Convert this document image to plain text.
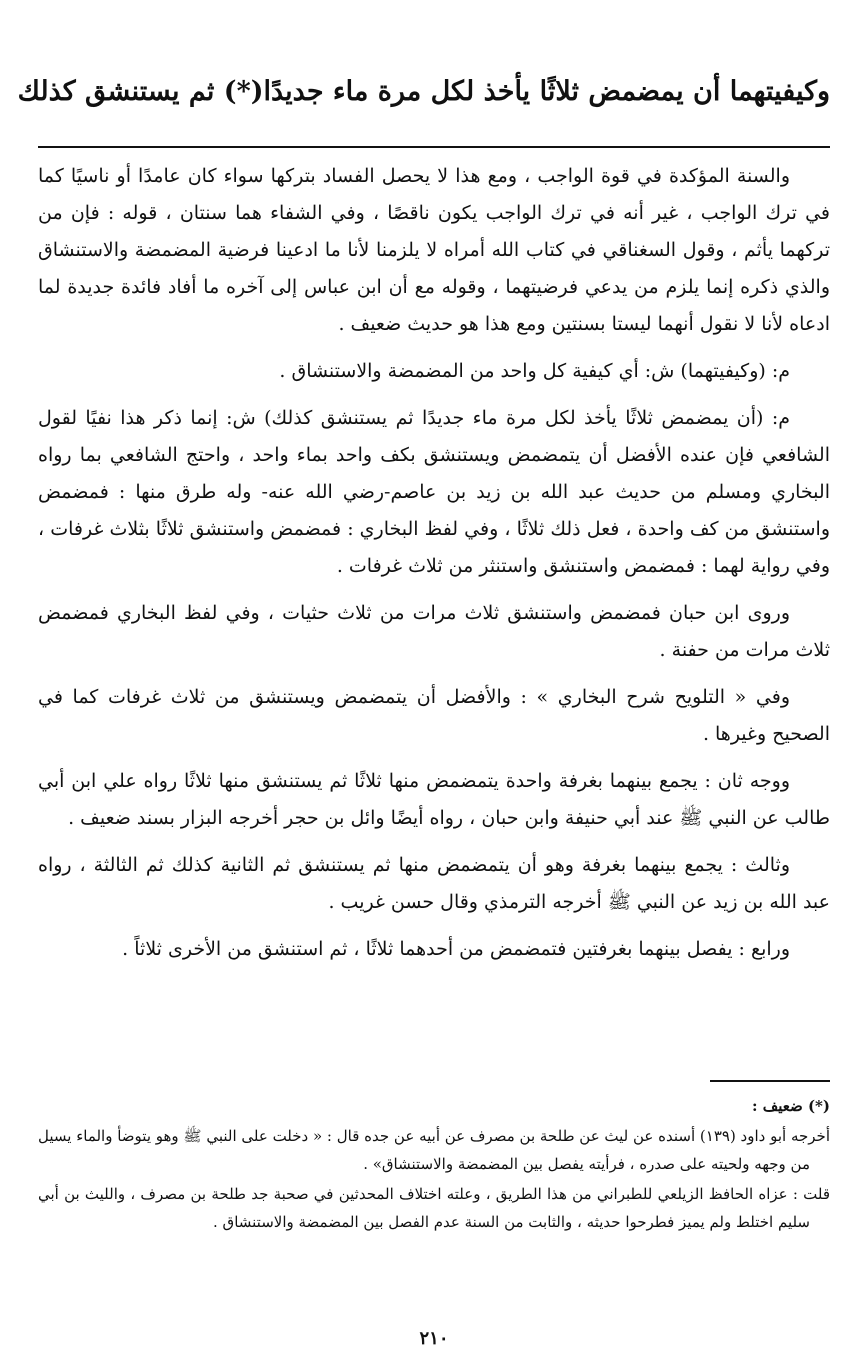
وكيفيتهما أن يمضمض ثلاثًا يأخذ لكل مرة ماء جديدًا(*) ثم يستنشق كذلك

والسنة المؤكدة في قوة الواجب ، ومع هذا لا يحصل الفساد بتركها سواء كان عامدًا أو ناسيًا كما في ترك الواجب ، غير أنه في ترك الواجب يكون ناقصًا ، وفي الشفاء هما سنتان ، قوله : فإن من تركهما يأثم ، وقول السغناقي في كتاب الله أمراه لا يلزمنا لأنا ما ادعينا فرضية المضمضة والاستنشاق والذي ذكره إنما يلزم من يدعي فرضيتهما ، وقوله مع أن ابن عباس إلى آخره ما أفاد فائدة جديدة لما ادعاه لأنا لا نقول أنهما ليستا بسنتين ومع هذا هو حديث ضعيف .

م: (وكيفيتهما) ش: أي كيفية كل واحد من المضمضة والاستنشاق .

م: (أن يمضمض ثلاثًا يأخذ لكل مرة ماء جديدًا ثم يستنشق كذلك) ش: إنما ذكر هذا نفيًا لقول الشافعي فإن عنده الأفضل أن يتمضمض ويستنشق بكف واحد بماء واحد ، واحتج الشافعي بما رواه البخاري ومسلم من حديث عبد الله بن زيد بن عاصم-رضي الله عنه- وله طرق منها : فمضمض واستنشق من كف واحدة ، فعل ذلك ثلاثًا ، وفي لفظ البخاري : فمضمض واستنشق ثلاثًا بثلاث غرفات ، وفي رواية لهما : فمضمض واستنشق واستنثر من ثلاث غرفات .

وروى ابن حبان فمضمض واستنشق ثلاث مرات من ثلاث حثيات ، وفي لفظ البخاري فمضمض ثلاث مرات من حفنة .

وفي « التلويح شرح البخاري » : والأفضل أن يتمضمض ويستنشق من ثلاث غرفات كما في الصحيح وغيرها .

ووجه ثان : يجمع بينهما بغرفة واحدة يتمضمض منها ثلاثًا ثم يستنشق منها ثلاثًا رواه علي ابن أبي طالب عن النبي ﷺ عند أبي حنيفة وابن حبان ، رواه أيضًا وائل بن حجر أخرجه البزار بسند ضعيف .

وثالث : يجمع بينهما بغرفة وهو أن يتمضمض منها ثم يستنشق ثم الثانية كذلك ثم الثالثة ، رواه عبد الله بن زيد عن النبي ﷺ أخرجه الترمذي وقال حسن غريب .

ورابع : يفصل بينهما بغرفتين فتمضمض من أحدهما ثلاثًا ، ثم استنشق من الأخرى ثلاثاً .

(*) ضعيف :

أخرجه أبو داود (١٣٩) أسنده عن ليث عن طلحة بن مصرف عن أبيه عن جده قال : « دخلت على النبي ﷺ وهو يتوضأ والماء يسيل من وجهه ولحيته على صدره ، فرأيته يفصل بين المضمضة والاستنشاق» .

قلت : عزاه الحافظ الزيلعي للطبراني من هذا الطريق ، وعلته اختلاف المحدثين في صحبة جد طلحة بن مصرف ، والليث بن أبي سليم اختلط ولم يميز فطرحوا حديثه ، والثابت من السنة عدم الفصل بين المضمضة والاستنشاق .

٢١٠
